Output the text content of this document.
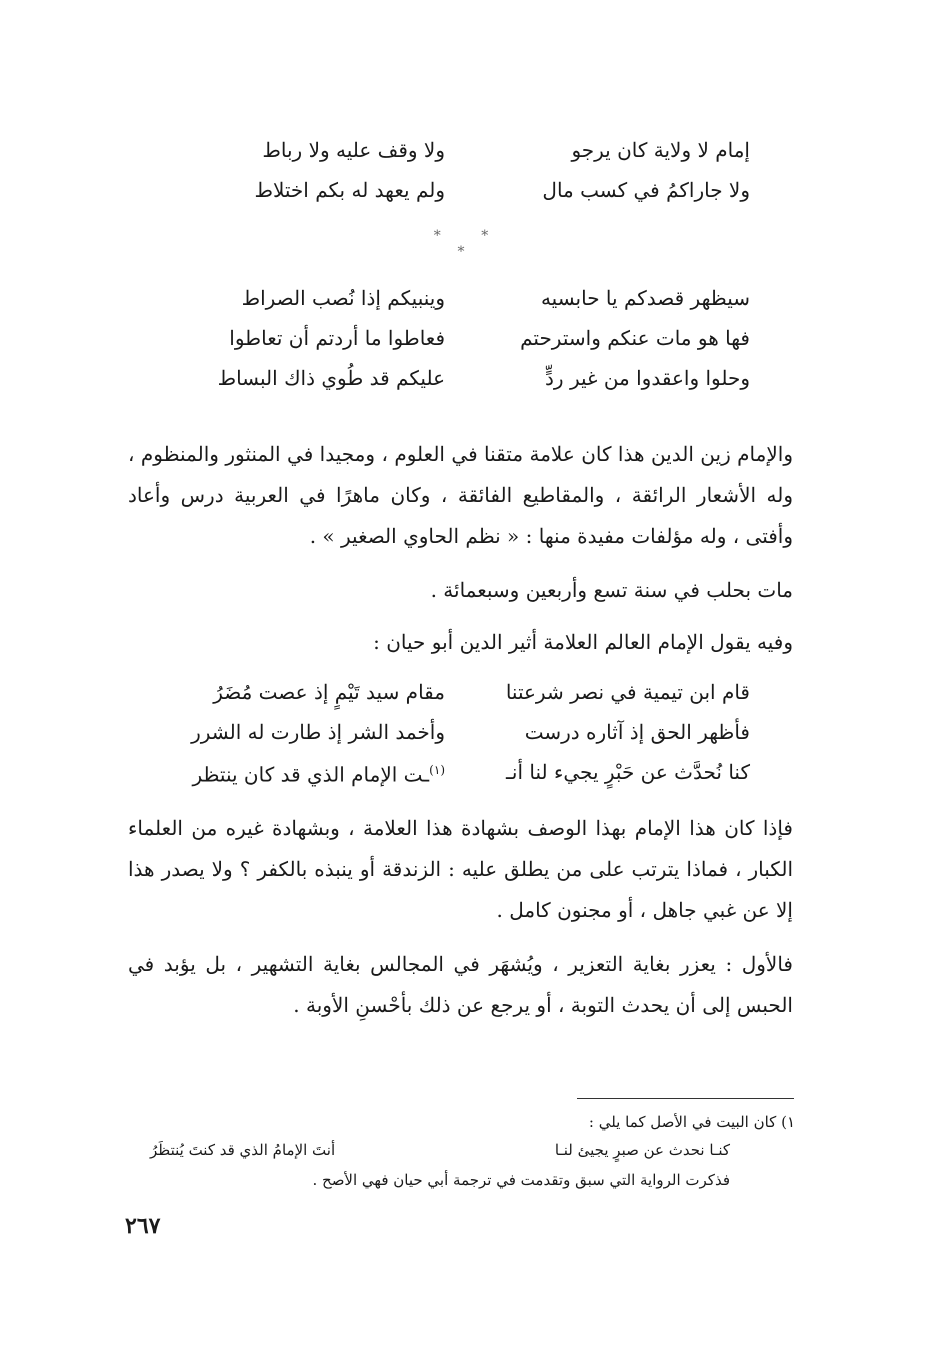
إمام لا ولاية كان يرجو
ولا وقف عليه ولا رباط
ولا جاراكمُ في كسب مال
ولم يعهد له بكم اختلاط
* * *
سيظهر قصدكم يا حابسيه
وينبيكم إذا نُصب الصراط
فها هو مات عنكم واسترحتم
فعاطوا ما أردتم أن تعاطوا
وحلوا واعقدوا من غير ردٍّ
عليكم قد طُوي ذاك البساط

والإمام زين الدين هذا كان علامة متقنا في العلوم ، ومجيدا في المنثور والمنظوم ، وله الأشعار الرائقة ، والمقاطيع الفائقة ، وكان ماهرًا في العربية درس وأعاد وأفتى ، وله مؤلفات مفيدة منها : « نظم الحاوي الصغير » .

مات بحلب في سنة تسع وأربعين وسبعمائة .

وفيه يقول الإمام العالم العلامة أثير الدين أبو حيان :

قام ابن تيمية في نصر شرعتنا
مقام سيد تَيْمٍ إذ عصت مُضَرُ
فأظهر الحق إذ آثاره درست
وأخمد الشر إذ طارت له الشرر
كنا نُحدَّث عن حَبْرٍ يجيء لنا أنـ
$^{(١)}$ـت الإمام الذي قد كان ينتظر

فإذا كان هذا الإمام بهذا الوصف بشهادة هذا العلامة ، وبشهادة غيره من العلماء الكبار ، فماذا يترتب على من يطلق عليه : الزندقة أو ينبذه بالكفر ؟ ولا يصدر هذا إلا عن غبي جاهل ، أو مجنون كامل .

فالأول : يعزر بغاية التعزير ، ويُشهَر في المجالس بغاية التشهير ، بل يؤبد في الحبس إلى أن يحدث التوبة ، أو يرجع عن ذلك بأحْسنِ الأوبة .

١) كان البيت في الأصل كما يلي :
كنـا نحدث عن صبرٍ يجيئ لنـا
أنتَ الإمامُ الذي قد كنتَ يُنتظَرُ
فذكرت الرواية التي سبق وتقدمت في ترجمة أبي حيان فهي الأصح .
٢٦٧
